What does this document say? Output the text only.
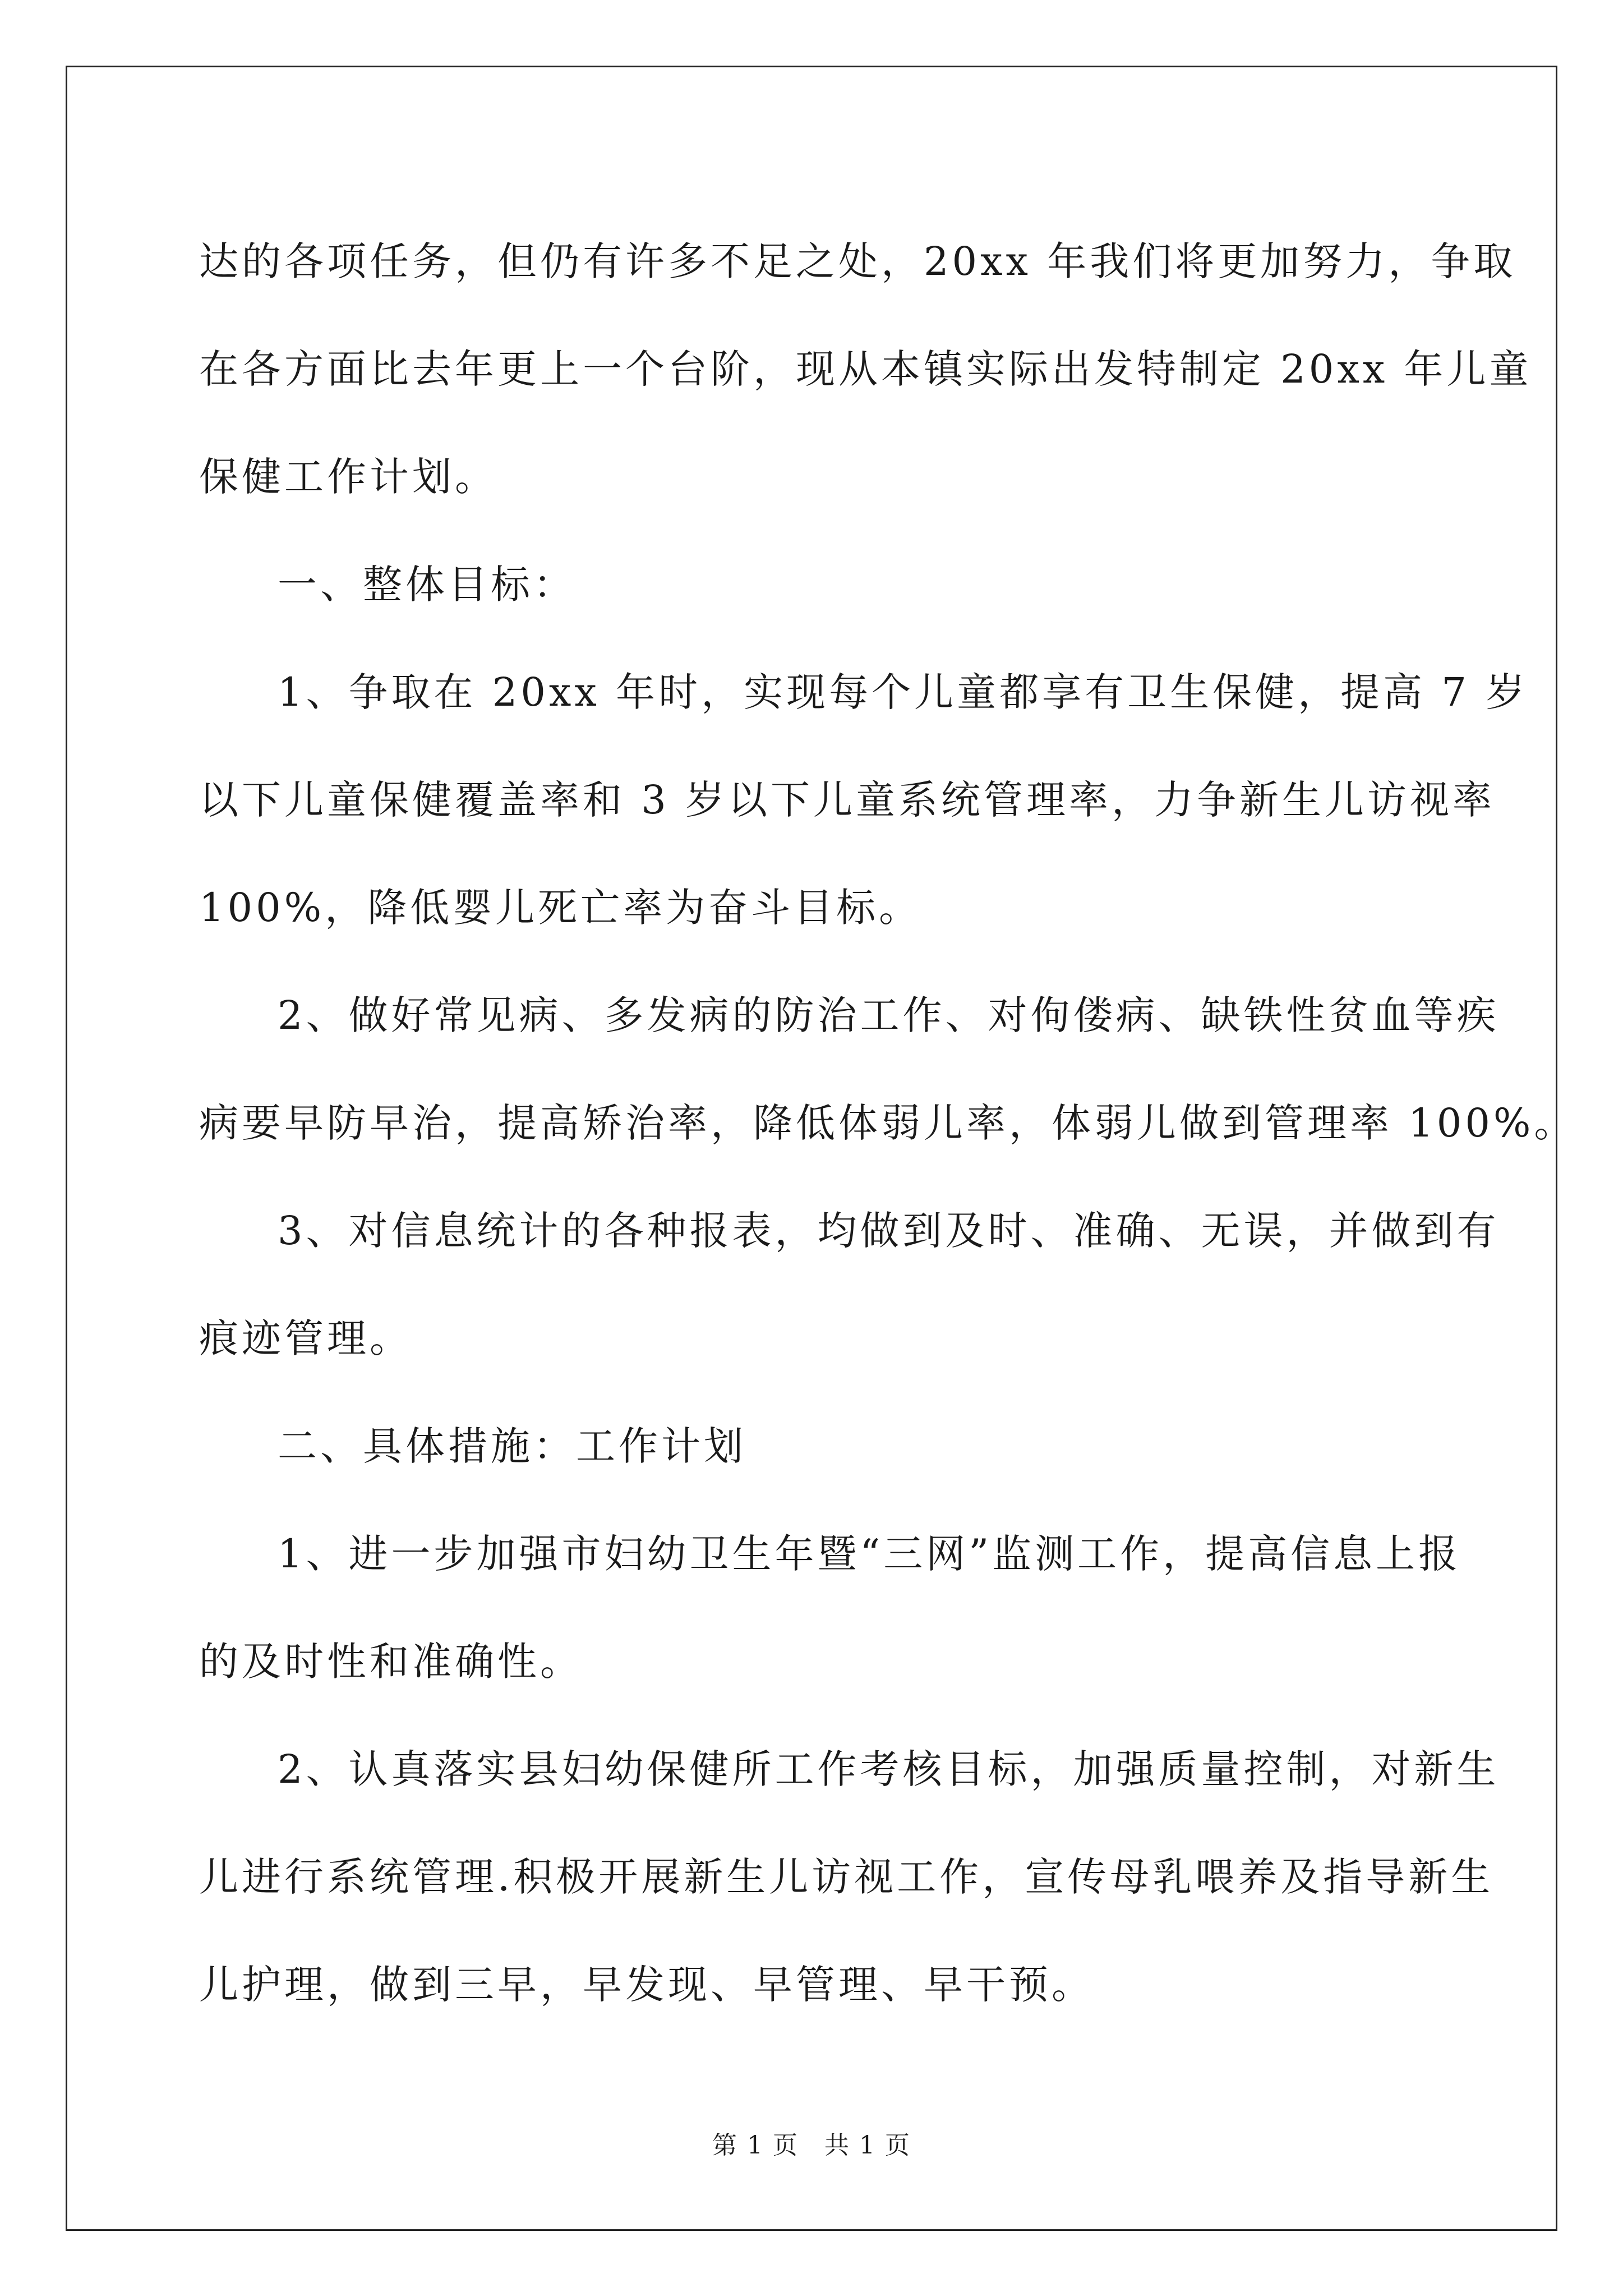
达的各项任务，但仍有许多不足之处，20xx 年我们将更加努力，争取
在各方面比去年更上一个台阶，现从本镇实际出发特制定 20xx 年儿童
保健工作计划。
一、整体目标：
1、争取在 20xx 年时，实现每个儿童都享有卫生保健，提高 7 岁
以下儿童保健覆盖率和 3 岁以下儿童系统管理率，力争新生儿访视率
100%，降低婴儿死亡率为奋斗目标。
2、做好常见病、多发病的防治工作、对佝偻病、缺铁性贫血等疾
病要早防早治，提高矫治率，降低体弱儿率，体弱儿做到管理率 100%。
3、对信息统计的各种报表，均做到及时、准确、无误，并做到有
痕迹管理。
二、具体措施：工作计划
1、进一步加强市妇幼卫生年暨“三网”监测工作，提高信息上报
的及时性和准确性。
2、认真落实县妇幼保健所工作考核目标，加强质量控制，对新生
儿进行系统管理.积极开展新生儿访视工作，宣传母乳喂养及指导新生
儿护理，做到三早，早发现、早管理、早干预。
第 1 页　共 1 页
